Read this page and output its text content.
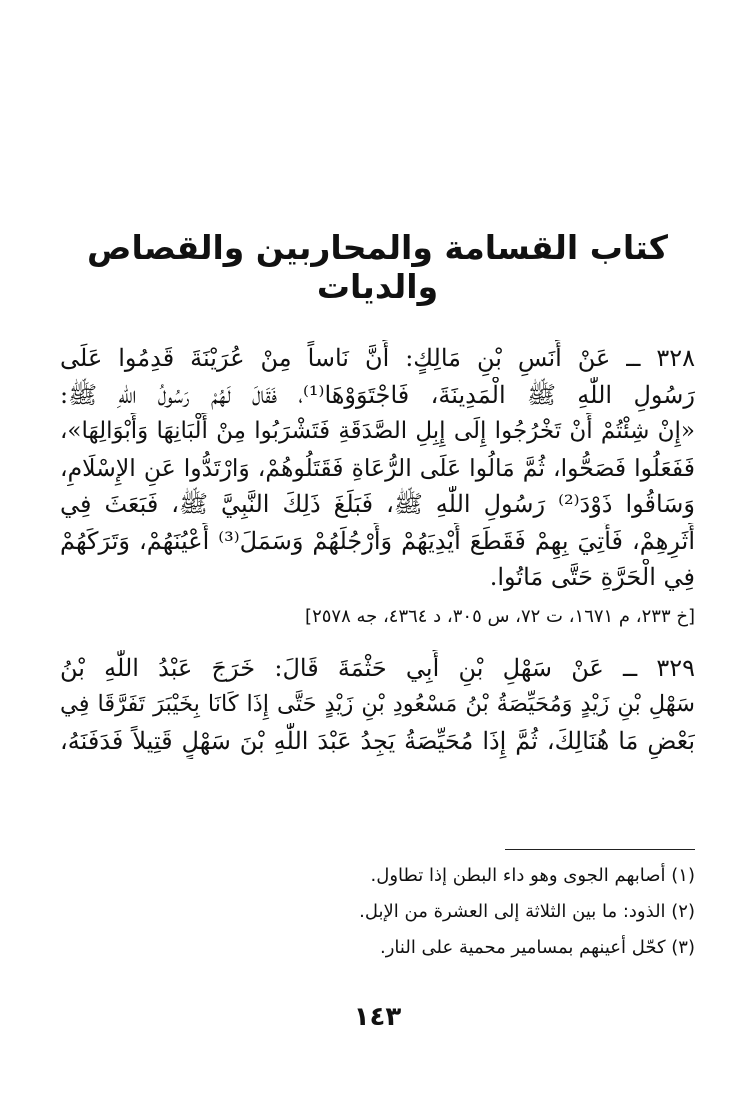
كتاب القسامة والمحاربين والقصاص والديات
٣٢٨ ــ عَنْ أَنَسِ بْنِ مَالِكٍ: أَنَّ نَاساً مِنْ عُرَيْنَةَ قَدِمُوا عَلَى
رَسُولِ اللّٰهِ ﷺ الْمَدِينَةَ، فَاجْتَوَوْهَا⁽¹⁾، فَقَالَ لَهُمْ رَسُولُ اللّٰهِ ﷺ:
«إِنْ شِئْتُمْ أَنْ تَخْرُجُوا إِلَى إِبِلِ الصَّدَقَةِ فَتَشْرَبُوا مِنْ أَلْبَانِهَا وَأَبْوَالِهَا»،
فَفَعَلُوا فَصَحُّوا، ثُمَّ مَالُوا عَلَى الرُّعَاةِ فَقَتَلُوهُمْ، وَارْتَدُّوا عَنِ الإِسْلَامِ،
وَسَاقُوا ذَوْدَ⁽²⁾ رَسُولِ اللّٰهِ ﷺ، فَبَلَغَ ذَلِكَ النَّبِيَّ ﷺ، فَبَعَثَ فِي
أَثَرِهِمْ، فَأُتِيَ بِهِمْ فَقَطَعَ أَيْدِيَهُمْ وَأَرْجُلَهُمْ وَسَمَلَ⁽³⁾ أَعْيُنَهُمْ، وَتَرَكَهُمْ
فِي الْحَرَّةِ حَتَّى مَاتُوا.
[خ ٢٣٣، م ١٦٧١، ت ٧٢، س ٣٠٥، د ٤٣٦٤، جه ٢٥٧٨]
٣٢٩ ــ عَنْ سَهْلِ بْنِ أَبِي حَثْمَةَ قَالَ: خَرَجَ عَبْدُ اللّٰهِ بْنُ
سَهْلِ بْنِ زَيْدٍ وَمُحَيِّصَةُ بْنُ مَسْعُودِ بْنِ زَيْدٍ حَتَّى إِذَا كَانَا بِخَيْبَرَ تَفَرَّقَا فِي
بَعْضِ مَا هُنَالِكَ، ثُمَّ إِذَا مُحَيِّصَةُ يَجِدُ عَبْدَ اللّٰهِ بْنَ سَهْلٍ قَتِيلاً فَدَفَنَهُ،
(١) أصابهم الجوى وهو داء البطن إذا تطاول.
(٢) الذود: ما بين الثلاثة إلى العشرة من الإبل.
(٣) كحّل أعينهم بمسامير محمية على النار.
١٤٣
